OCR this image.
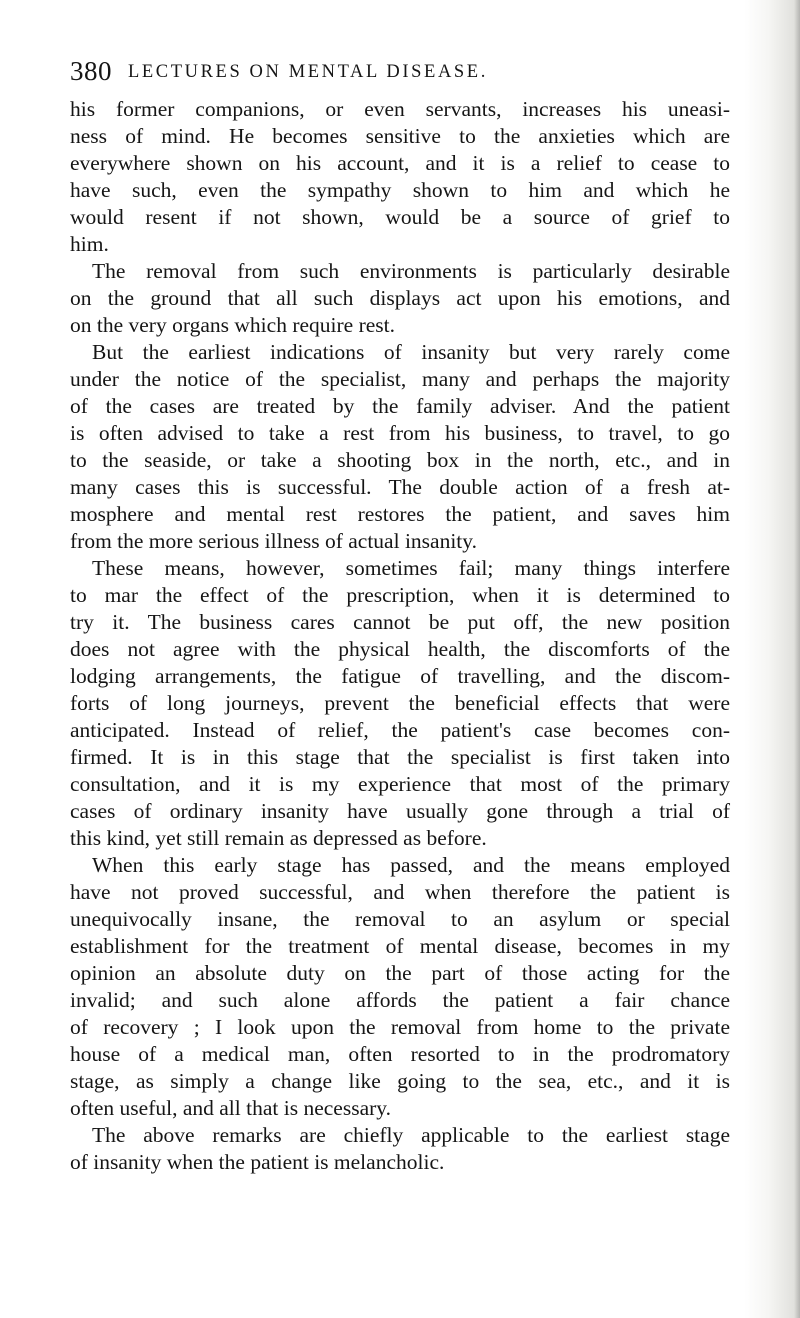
380 LECTURES ON MENTAL DISEASE.
his former companions, or even servants, increases his uneasi-
ness of mind. He becomes sensitive to the anxieties which are
everywhere shown on his account, and it is a relief to cease to
have such, even the sympathy shown to him and which he
would resent if not shown, would be a source of grief to
him.
The removal from such environments is particularly desirable
on the ground that all such displays act upon his emotions, and
on the very organs which require rest.
But the earliest indications of insanity but very rarely come
under the notice of the specialist, many and perhaps the majority
of the cases are treated by the family adviser. And the patient
is often advised to take a rest from his business, to travel, to go
to the seaside, or take a shooting box in the north, etc., and in
many cases this is successful. The double action of a fresh at-
mosphere and mental rest restores the patient, and saves him
from the more serious illness of actual insanity.
These means, however, sometimes fail; many things interfere
to mar the effect of the prescription, when it is determined to
try it. The business cares cannot be put off, the new position
does not agree with the physical health, the discomforts of the
lodging arrangements, the fatigue of travelling, and the discom-
forts of long journeys, prevent the beneficial effects that were
anticipated. Instead of relief, the patient's case becomes con-
firmed. It is in this stage that the specialist is first taken into
consultation, and it is my experience that most of the primary
cases of ordinary insanity have usually gone through a trial of
this kind, yet still remain as depressed as before.
When this early stage has passed, and the means employed
have not proved successful, and when therefore the patient is
unequivocally insane, the removal to an asylum or special
establishment for the treatment of mental disease, becomes in my
opinion an absolute duty on the part of those acting for the
invalid; and such alone affords the patient a fair chance
of recovery ; I look upon the removal from home to the private
house of a medical man, often resorted to in the prodromatory
stage, as simply a change like going to the sea, etc., and it is
often useful, and all that is necessary.
The above remarks are chiefly applicable to the earliest stage
of insanity when the patient is melancholic.
